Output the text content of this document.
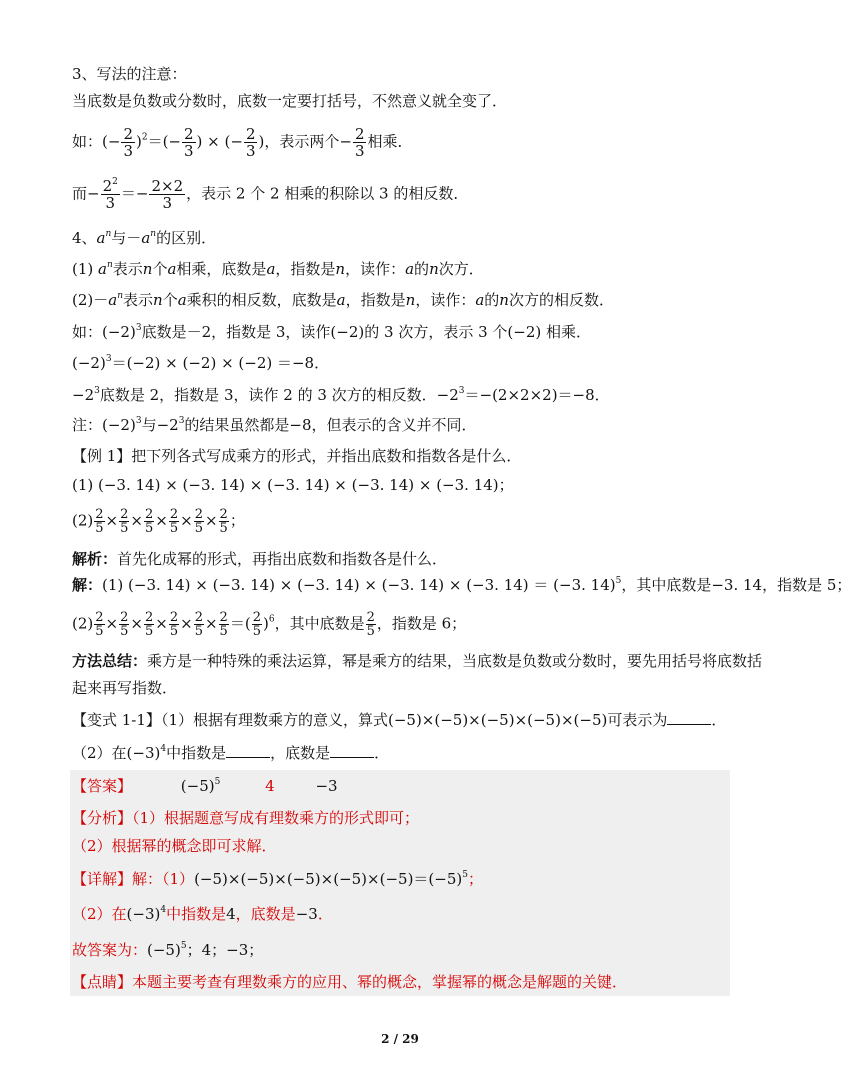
3、写法的注意：
当底数是负数或分数时，底数一定要打括号，不然意义就全变了．
如：(− $\frac{2}{3} )^2=(- \frac{2}{3}$ ) × (− $\frac{2}{3}$ )，表示两个− $\frac{2}{3}$ 相乘．
而− $\frac{2^2}{3} =- \frac{2\times 2}{3}$ ，表示 2 个 2 相乘的积除以 3 的相反数．
4、$a^n$与$-a^n$的区别．
(1) $a^n$表示n个a相乘，底数是a，指数是n，读作：a的n次方．
$(2)-a^n$表示n个a乘积的相反数，底数是a，指数是n，读作：a的n次方的相反数．
如：$(-2)^3$底数是－2，指数是 3，读作(−2)的 3 次方，表示 3 个(−2) 相乘．
$(-2)^3=(-2) \times (-2) \times (-2) =-8$．
$-2^3$底数是 2，指数是 3，读作 2 的 3 次方的相反数．$-2^3=-(2\times 2\times 2)=-8$．
注：$(-2)^3$与$-2^3$的结果虽然都是−8，但表示的含义并不同．
【例 1】把下列各式写成乘方的形式，并指出底数和指数各是什么．
(1) (−3. 14) × (−3. 14) × (−3. 14) × (−3. 14) × (−3. 14)；
$(2) \frac{2}{5} \times \frac{2}{5} \times \frac{2}{5} \times \frac{2}{5} \times \frac{2}{5} \times \frac{2}{5}$ ；
解析：首先化成幂的形式，再指出底数和指数各是什么．
解：(1) (−3. 14) × (−3. 14) × (−3. 14) × (−3. 14) × (−3. 14) ＝ (−3. 14)$^5$，其中底数是−3. 14，指数是 5；
$(2) \frac{2}{5} \times \frac{2}{5} \times \frac{2}{5} \times \frac{2}{5} \times \frac{2}{5} \times \frac{2}{5}$ ＝( $\frac{2}{5} )^6$，其中底数是 $\frac{2}{5}$ ，指数是 6；
方法总结：乘方是一种特殊的乘法运算，幂是乘方的结果，当底数是负数或分数时，要先用括号将底数括
起来再写指数．
【变式 1-1】（1）根据有理数乘方的意义，算式(−5)×(−5)×(−5)×(−5)×(−5)可表示为	．
（2）在$(-3)^4$中指数是	，底数是	．
【答案】	$(-5)^5$	4	−3
【分析】（1）根据题意写成有理数乘方的形式即可；
（2）根据幂的概念即可求解．
【详解】解：$(1)(-5)\times(-5)\times(-5)\times(-5)\times(-5)=(-5)^5$；
（2）在$(-3)^4$中指数是4，底数是−3．
故答案为：$(-5)^5$；4；−3；
【点睛】本题主要考查有理数乘方的应用、幂的概念，掌握幂的概念是解题的关键．
2 / 29
